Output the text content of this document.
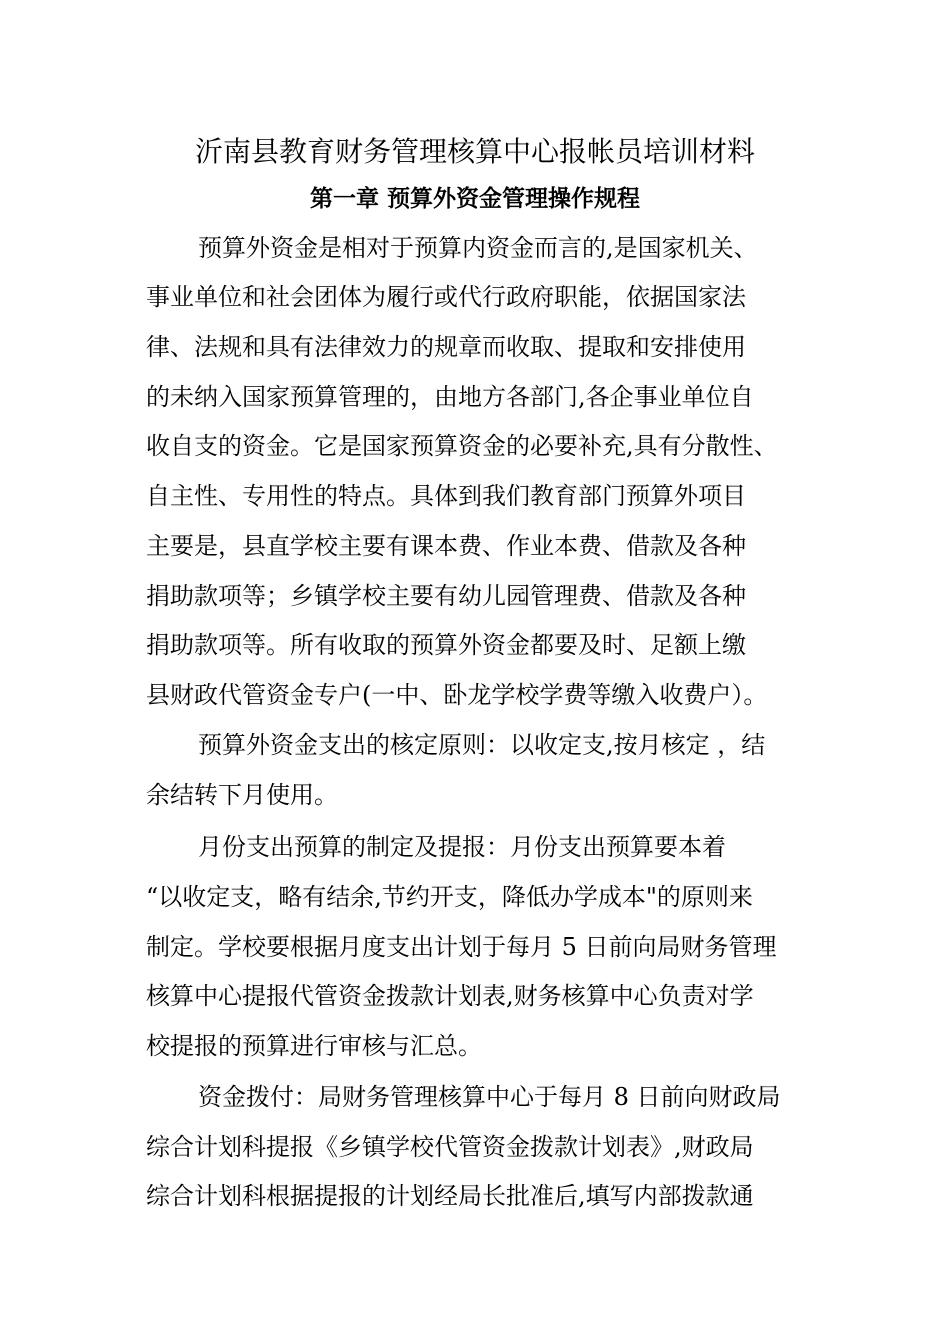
沂南县教育财务管理核算中心报帐员培训材料
第一章 预算外资金管理操作规程
预算外资金是相对于预算内资金而言的,是国家机关、
事业单位和社会团体为履行或代行政府职能，依据国家法
律、法规和具有法律效力的规章而收取、提取和安排使用
的未纳入国家预算管理的，由地方各部门,各企事业单位自
收自支的资金。它是国家预算资金的必要补充,具有分散性、
自主性、专用性的特点。具体到我们教育部门预算外项目
主要是，县直学校主要有课本费、作业本费、借款及各种
捐助款项等；乡镇学校主要有幼儿园管理费、借款及各种
捐助款项等。所有收取的预算外资金都要及时、足额上缴
县财政代管资金专户(一中、卧龙学校学费等缴入收费户）。
预算外资金支出的核定原则：以收定支,按月核定 ，结
余结转下月使用。
月份支出预算的制定及提报：月份支出预算要本着
“以收定支，略有结余,节约开支，降低办学成本"的原则来
制定。学校要根据月度支出计划于每月 5 日前向局财务管理
核算中心提报代管资金拨款计划表,财务核算中心负责对学
校提报的预算进行审核与汇总。
资金拨付：局财务管理核算中心于每月 8 日前向财政局
综合计划科提报《乡镇学校代管资金拨款计划表》,财政局
综合计划科根据提报的计划经局长批准后,填写内部拨款通
